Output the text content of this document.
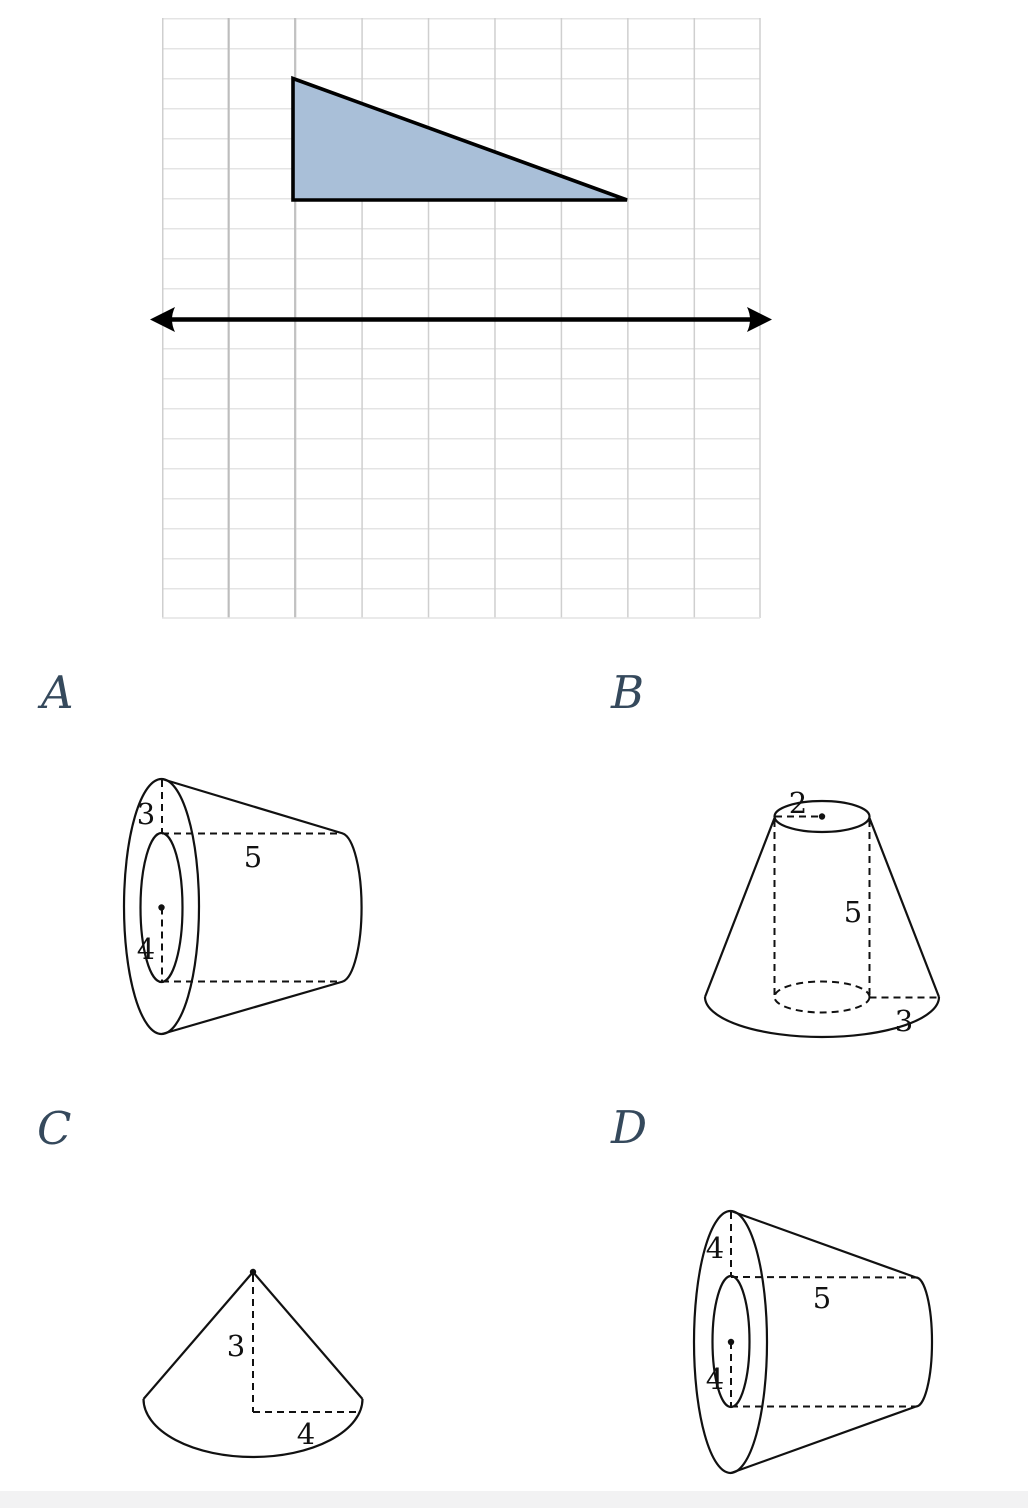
A
3
5
4
B
2
5
3
C
3
4
D
4
5
4
